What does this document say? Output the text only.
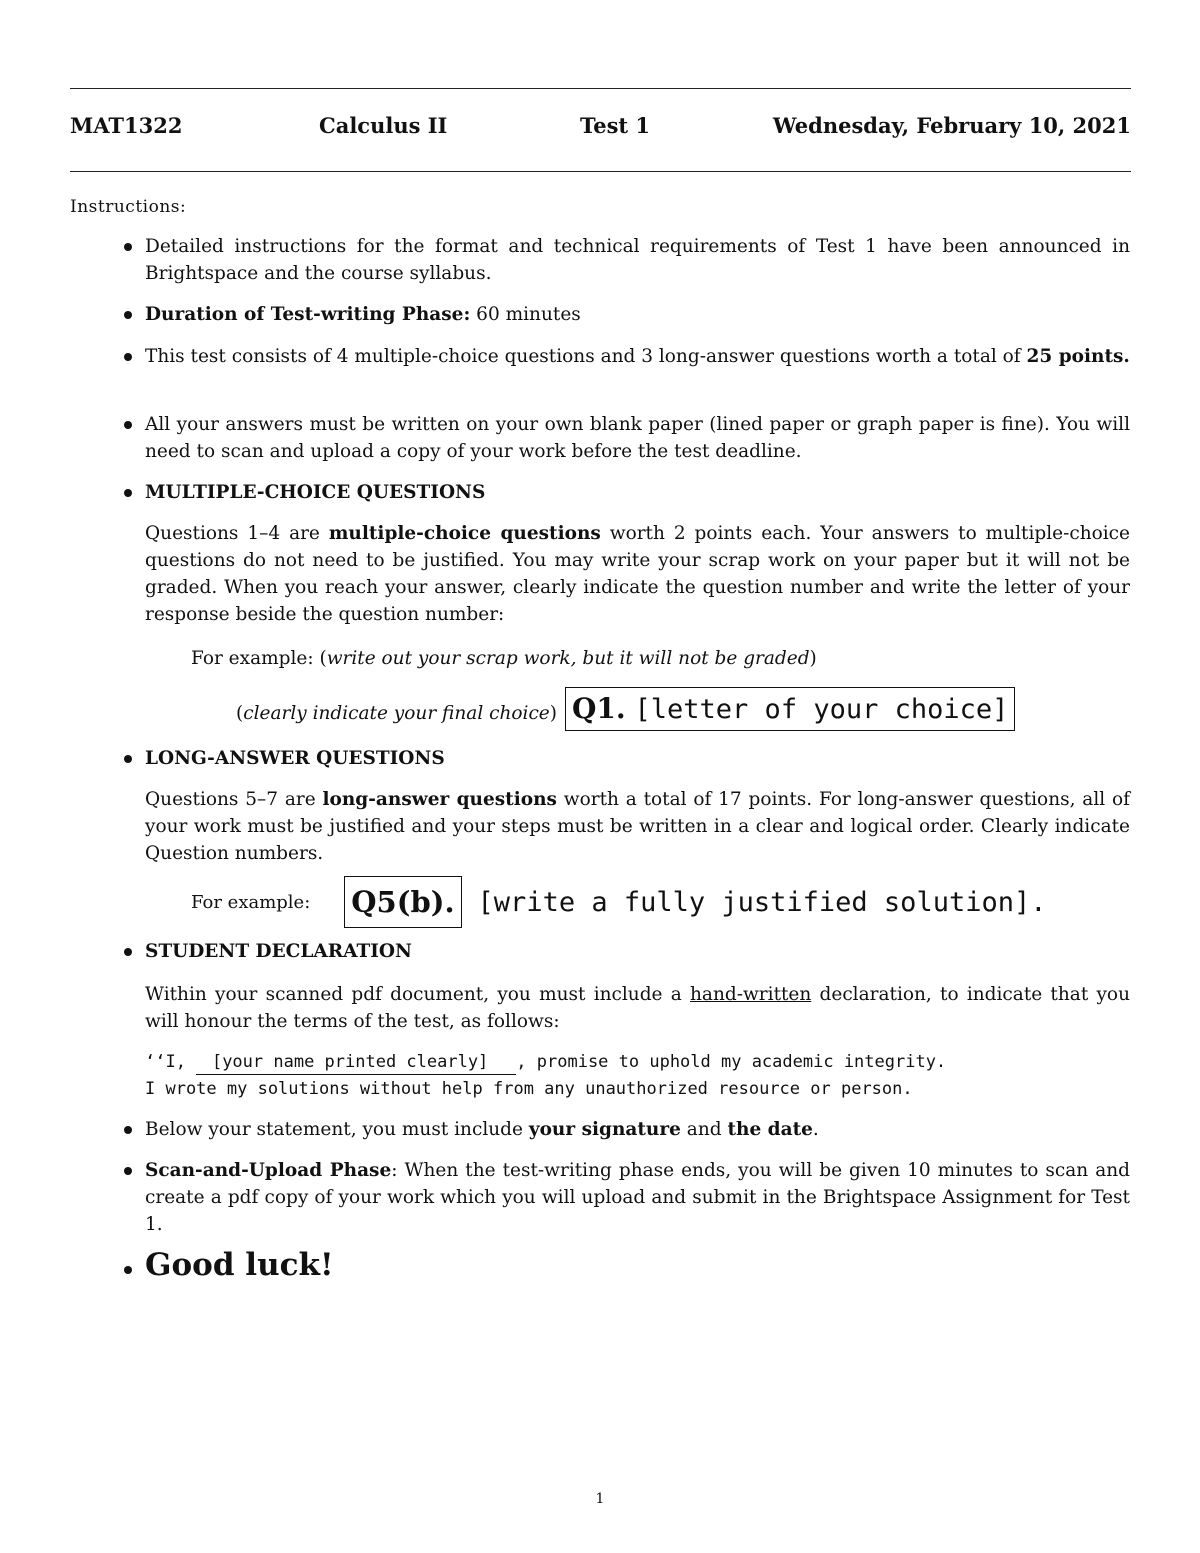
MAT1322	Calculus II	Test 1	Wednesday, February 10, 2021
Instructions:
Detailed instructions for the format and technical requirements of Test 1 have been announced in Brightspace and the course syllabus.
Duration of Test-writing Phase: 60 minutes
This test consists of 4 multiple-choice questions and 3 long-answer questions worth a total of 25 points.
All your answers must be written on your own blank paper (lined paper or graph paper is fine). You will need to scan and upload a copy of your work before the test deadline.
MULTIPLE-CHOICE QUESTIONS
Questions 1–4 are multiple-choice questions worth 2 points each. Your answers to multiple-choice questions do not need to be justified. You may write your scrap work on your paper but it will not be graded. When you reach your answer, clearly indicate the question number and write the letter of your response beside the question number:
For example: (write out your scrap work, but it will not be graded)
(clearly indicate your final choice) Q1. [letter of your choice]
LONG-ANSWER QUESTIONS
Questions 5–7 are long-answer questions worth a total of 17 points. For long-answer questions, all of your work must be justified and your steps must be written in a clear and logical order. Clearly indicate Question numbers.
For example: Q5(b). [write a fully justified solution].
STUDENT DECLARATION
Within your scanned pdf document, you must include a hand-written declaration, to indicate that you will honour the terms of the test, as follows:
‘‘I, [your name printed clearly] , promise to uphold my academic integrity.
I wrote my solutions without help from any unauthorized resource or person.
Below your statement, you must include your signature and the date.
Scan-and-Upload Phase: When the test-writing phase ends, you will be given 10 minutes to scan and create a pdf copy of your work which you will upload and submit in the Brightspace Assignment for Test 1.
Good luck!
1
